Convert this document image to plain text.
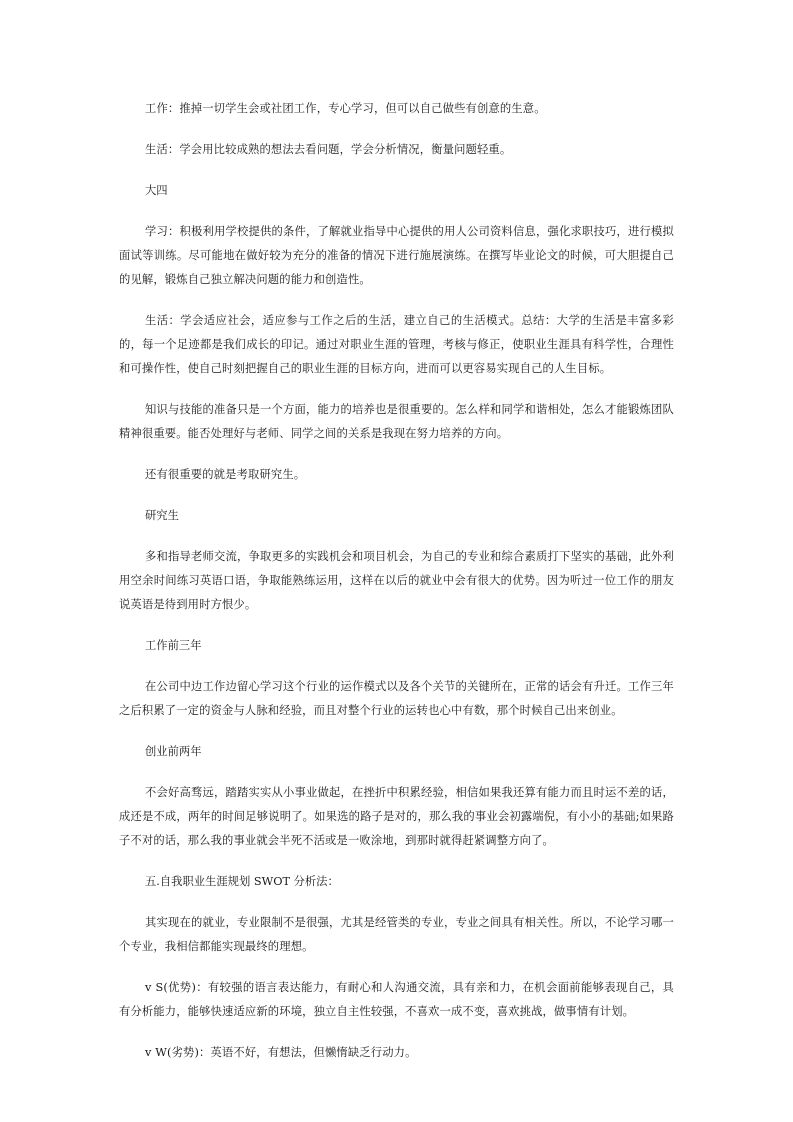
工作：推掉一切学生会或社团工作，专心学习，但可以自己做些有创意的生意。

生活：学会用比较成熟的想法去看问题，学会分析情况，衡量问题轻重。

大四

学习：积极利用学校提供的条件，了解就业指导中心提供的用人公司资料信息，强化求职技巧，进行模拟面试等训练。尽可能地在做好较为充分的准备的情况下进行施展演练。在撰写毕业论文的时候，可大胆提自己的见解，锻炼自己独立解决问题的能力和创造性。

生活：学会适应社会，适应参与工作之后的生活，建立自己的生活模式。总结：大学的生活是丰富多彩的，每一个足迹都是我们成长的印记。通过对职业生涯的管理，考核与修正，使职业生涯具有科学性，合理性和可操作性，使自己时刻把握自己的职业生涯的目标方向，进而可以更容易实现自己的人生目标。

知识与技能的准备只是一个方面，能力的培养也是很重要的。怎么样和同学和谐相处，怎么才能锻炼团队精神很重要。能否处理好与老师、同学之间的关系是我现在努力培养的方向。

还有很重要的就是考取研究生。

研究生

多和指导老师交流，争取更多的实践机会和项目机会，为自己的专业和综合素质打下坚实的基础，此外利用空余时间练习英语口语，争取能熟练运用，这样在以后的就业中会有很大的优势。因为听过一位工作的朋友说英语是待到用时方恨少。

工作前三年

在公司中边工作边留心学习这个行业的运作模式以及各个关节的关键所在，正常的话会有升迁。工作三年之后积累了一定的资金与人脉和经验，而且对整个行业的运转也心中有数，那个时候自己出来创业。

创业前两年

不会好高骛远，踏踏实实从小事业做起，在挫折中积累经验，相信如果我还算有能力而且时运不差的话，成还是不成，两年的时间足够说明了。如果选的路子是对的，那么我的事业会初露端倪，有小小的基础;如果路子不对的话，那么我的事业就会半死不活或是一败涂地，到那时就得赶紧调整方向了。

五.自我职业生涯规划 SWOT 分析法：

其实现在的就业，专业限制不是很强，尤其是经管类的专业，专业之间具有相关性。所以，不论学习哪一个专业，我相信都能实现最终的理想。

v S(优势)：有较强的语言表达能力，有耐心和人沟通交流，具有亲和力，在机会面前能够表现自己，具有分析能力，能够快速适应新的环境，独立自主性较强，不喜欢一成不变，喜欢挑战，做事情有计划。

v W(劣势)：英语不好，有想法，但懒惰缺乏行动力。
